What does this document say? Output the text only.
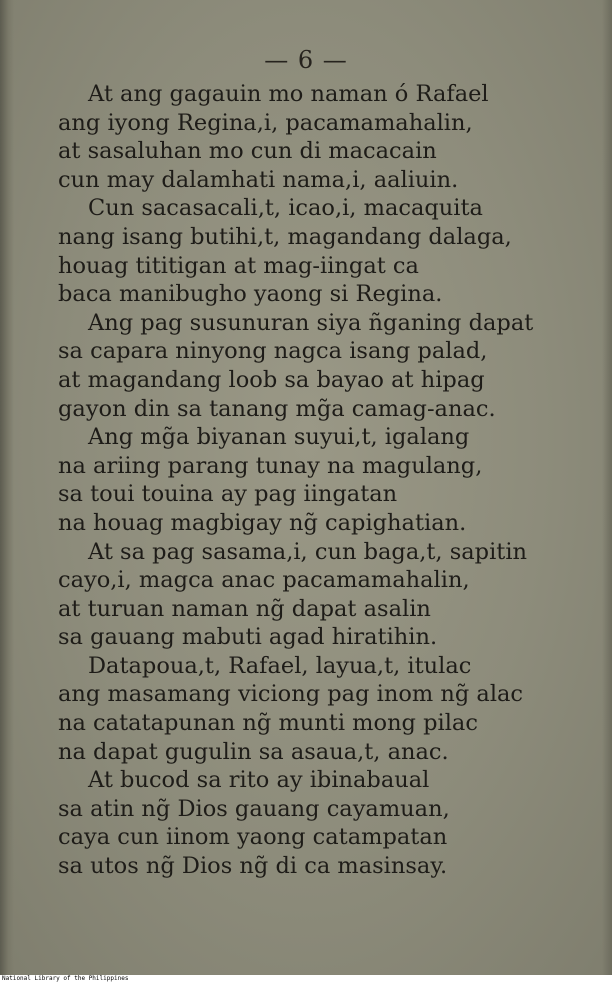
— 6 —
At ang gagauin mo naman ó Rafael
ang iyong Regina,i, pacamamahalin,
at sasaluhan mo cun di macacain
cun may dalamhati nama,i, aaliuin.
Cun sacasacali,t, icao,i, macaquita
nang isang butihi,t, magandang dalaga,
houag tititigan at mag-iingat ca
baca manibugho yaong si Regina.
Ang pag susunuran siya ñganing dapat
sa capara ninyong nagca isang palad,
at magandang loob sa bayao at hipag
gayon din sa tanang mg̃a camag-anac.
Ang mg̃a biyanan suyui,t, igalang
na ariing parang tunay na magulang,
sa toui touina ay pag iingatan
na houag magbigay ng̃ capighatian.
At sa pag sasama,i, cun baga,t, sapitin
cayo,i, magca anac pacamamahalin,
at turuan naman ng̃ dapat asalin
sa gauang mabuti agad hiratihin.
Datapoua,t, Rafael, layua,t, itulac
ang masamang viciong pag inom ng̃ alac
na catatapunan ng̃ munti mong pilac
na dapat gugulin sa asaua,t, anac.
At bucod sa rito ay ibinabaual
sa atin ng̃ Dios gauang cayamuan,
caya cun iinom yaong catampatan
sa utos ng̃ Dios ng̃ di ca masinsay.
National Library of the Philippines
